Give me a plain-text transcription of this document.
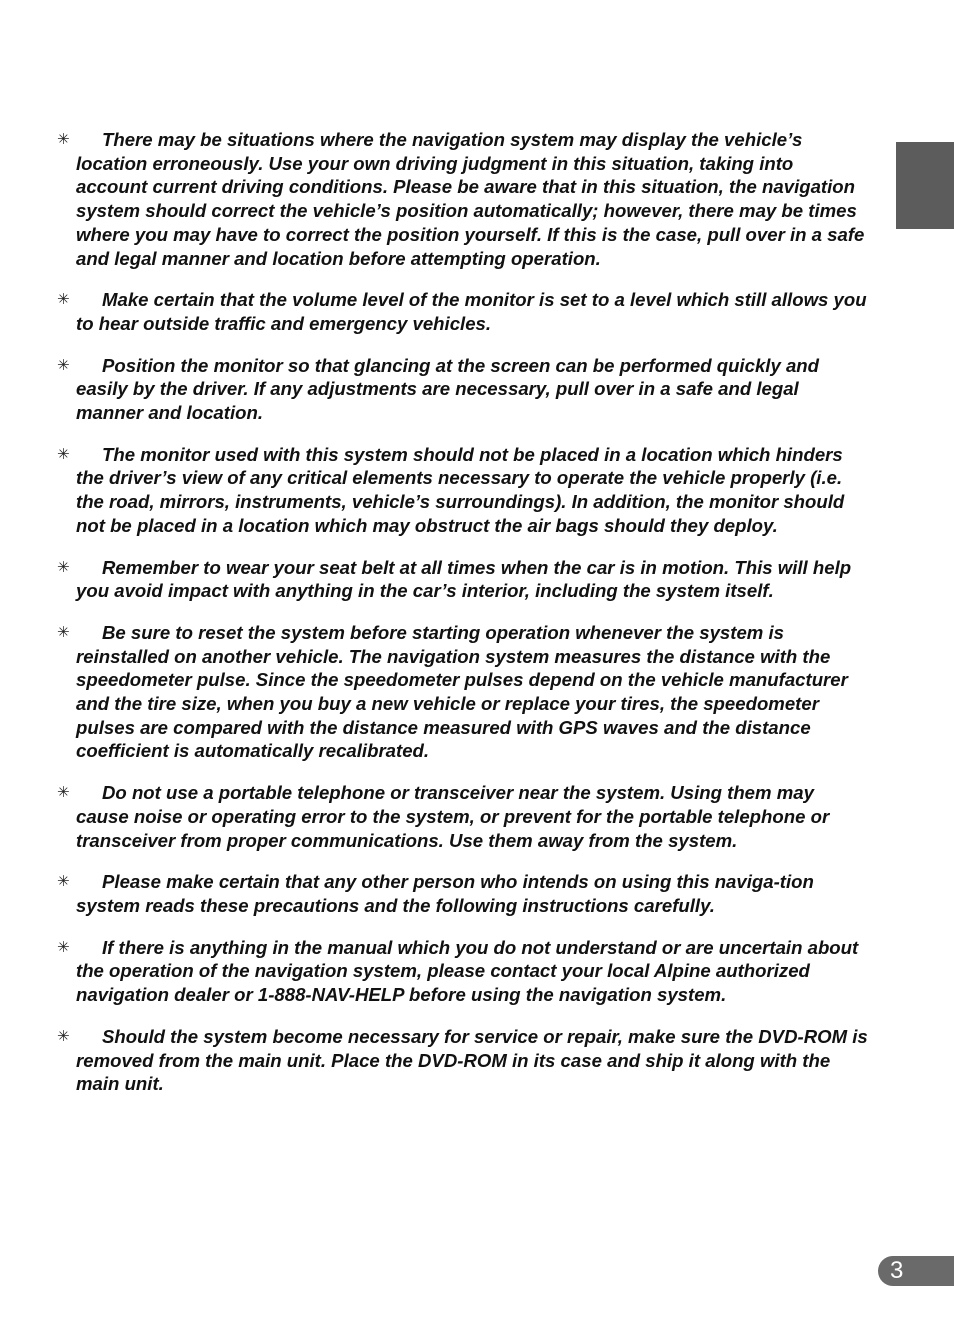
✳ There may be situations where the navigation system may display the vehicle’s location erroneously. Use your own driving judgment in this situation, taking into account current driving conditions. Please be aware that in this situation, the navigation system should correct the vehicle’s position automatically; however, there may be times where you may have to correct the position yourself. If this is the case, pull over in a safe and legal manner and location before attempting operation.

✳ Make certain that the volume level of the monitor is set to a level which still allows you to hear outside traffic and emergency vehicles.

✳ Position the monitor so that glancing at the screen can be performed quickly and easily by the driver. If any adjustments are necessary, pull over in a safe and legal manner and location.

✳ The monitor used with this system should not be placed in a location which hinders the driver’s view of any critical elements necessary to operate the vehicle properly (i.e. the road, mirrors, instruments, vehicle’s surroundings). In addition, the monitor should not be placed in a location which may obstruct the air bags should they deploy.

✳ Remember to wear your seat belt at all times when the car is in motion. This will help you avoid impact with anything in the car’s interior, including the system itself.

✳ Be sure to reset the system before starting operation whenever the system is reinstalled on another vehicle. The navigation system measures the distance with the speedometer pulse. Since the speedometer pulses depend on the vehicle manufacturer and the tire size, when you buy a new vehicle or replace your tires, the speedometer pulses are compared with the distance measured with GPS waves and the distance coefficient is automatically recalibrated.

✳ Do not use a portable telephone or transceiver near the system. Using them may cause noise or operating error to the system, or prevent for the portable telephone or transceiver from proper communications. Use them away from the system.

✳ Please make certain that any other person who intends on using this naviga-tion system reads these precautions and the following instructions carefully.

✳ If there is anything in the manual which you do not understand or are uncertain about the operation of the navigation system, please contact your local Alpine authorized navigation dealer or 1-888-NAV-HELP before using the navigation system.

✳ Should the system become necessary for service or repair, make sure the DVD-ROM is removed from the main unit. Place the DVD-ROM in its case and ship it along with the main unit.

3
